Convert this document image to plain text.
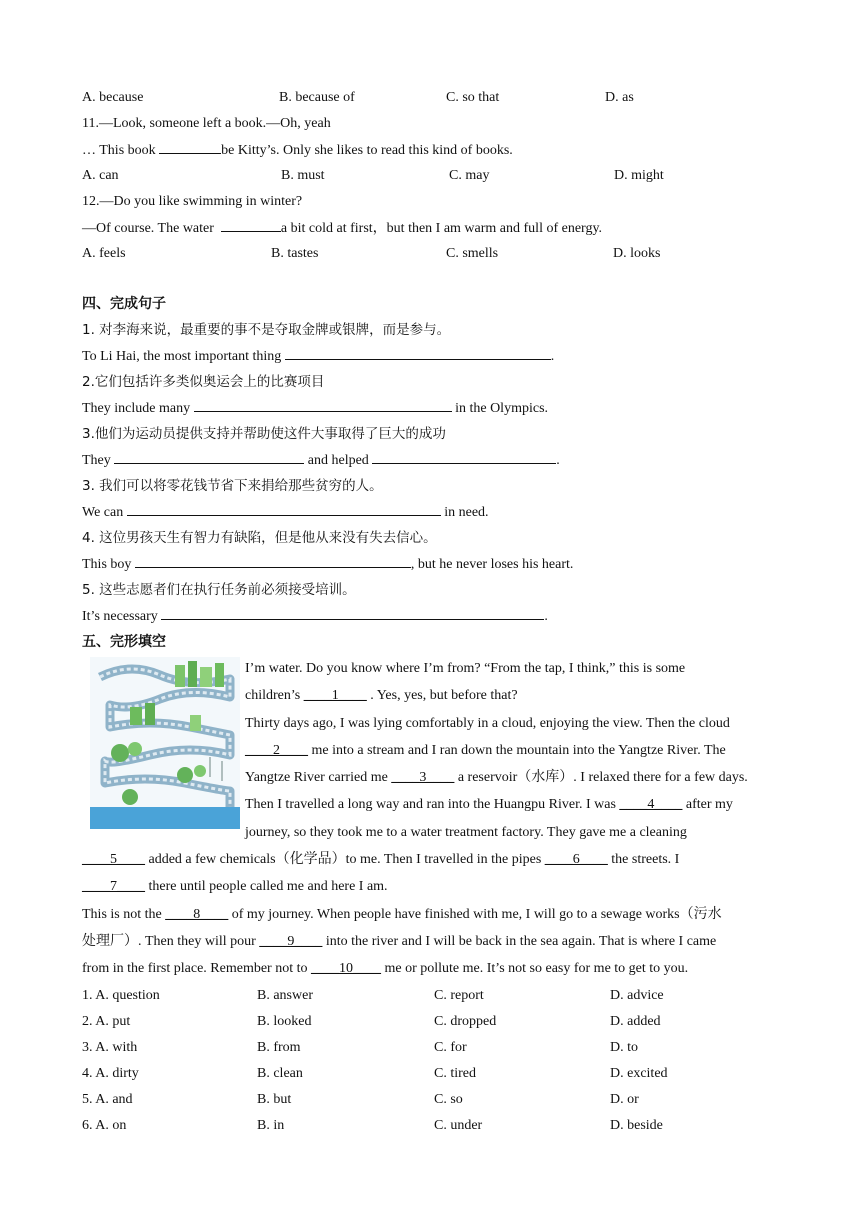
A. because	B. because of	C. so that	D. as
11.—Look, someone left a book.—Oh, yeah
… This book	be Kitty’s. Only she likes to read this kind of books.
A. can	B. must	C. may	D. might
12.—Do you like swimming in winter?
—Of course. The water	a bit cold at first，but then I am warm and full of energy.
A. feels	B. tastes	C. smells	D. looks
四、完成句子
1. 对李海来说，最重要的事不是夺取金牌或银牌，而是参与。
To Li Hai, the most important thing	.
2.它们包括许多类似奥运会上的比赛项目
They include many	in the Olympics.
3.他们为运动员提供支持并帮助使这件大事取得了巨大的成功
They	and helped	.
3. 我们可以将零花钱节省下来捐给那些贫穷的人。
We can	in need.
4. 这位男孩天生有智力有缺陷，但是他从来没有失去信心。
This boy	, but he never loses his heart.
5. 这些志愿者们在执行任务前必须接受培训。
It’s necessary	.
五、完形填空
I’m water. Do you know where I’m from? “From the tap, I think,” this is some
children’s ____1____ . Yes, yes, but before that?
Thirty days ago, I was lying comfortably in a cloud, enjoying the view. Then the cloud
____2____ me into a stream and I ran down the mountain into the Yangtze River. The
Yangtze River carried me ____3____ a reservoir（水库）. I relaxed there for a few days.
Then I travelled a long way and ran into the Huangpu River. I was ____4____ after my
journey, so they took me to a water treatment factory. They gave me a cleaning
____5____ added a few chemicals（化学品）to me. Then I travelled in the pipes ____6____ the streets. I
____7____ there until people called me and here I am.
This is not the ____8____ of my journey. When people have finished with me, I will go to a sewage works（污水
处理厂）. Then they will pour ____9____ into the river and I will be back in the sea again. That is where I came
from in the first place. Remember not to ____10____ me or pollute me. It’s not so easy for me to get to you.
1. A. question	B. answer	C. report	D. advice
2. A. put	B. looked	C. dropped	D. added
3. A. with	B. from	C. for	D. to
4. A. dirty	B. clean	C. tired	D. excited
5. A. and	B. but	C. so	D. or
6. A. on	B. in	C. under	D. beside
